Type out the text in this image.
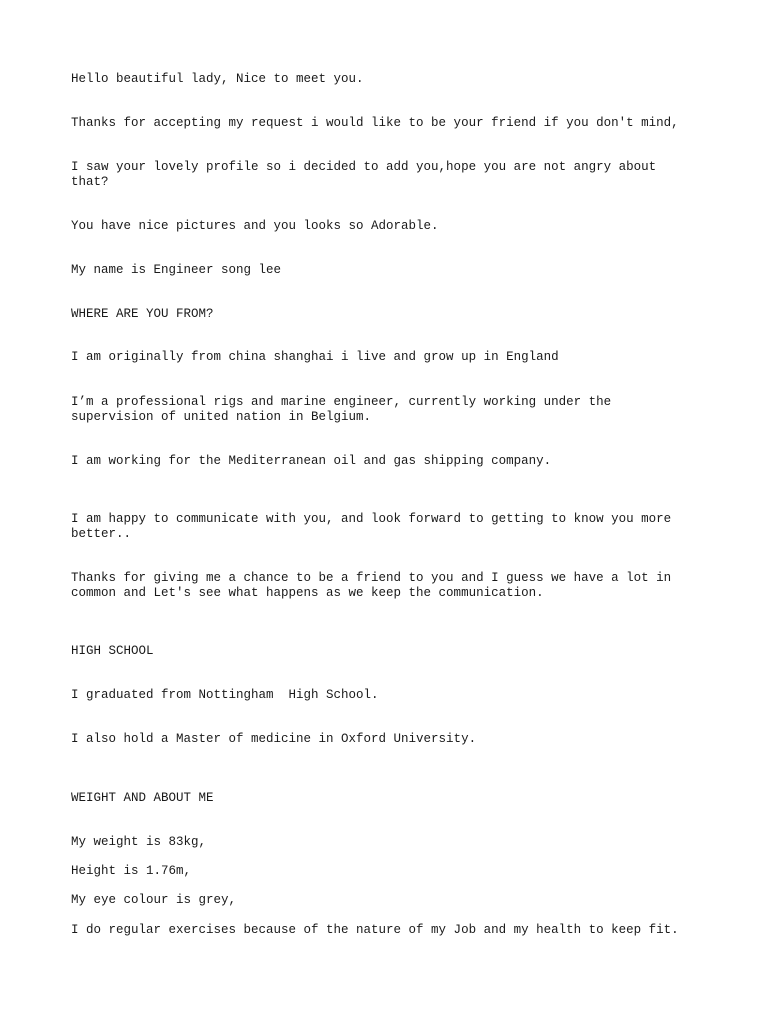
Hello beautiful lady, Nice to meet you.

Thanks for accepting my request i would like to be your friend if you don't mind,

I saw your lovely profile so i decided to add you,hope you are not angry about
that?

You have nice pictures and you looks so Adorable.

My name is Engineer song lee

WHERE ARE YOU FROM?

I am originally from china shanghai i live and grow up in England

I’m a professional rigs and marine engineer, currently working under the
supervision of united nation in Belgium.

I am working for the Mediterranean oil and gas shipping company.

I am happy to communicate with you, and look forward to getting to know you more
better..

Thanks for giving me a chance to be a friend to you and I guess we have a lot in
common and Let's see what happens as we keep the communication.

HIGH SCHOOL

I graduated from Nottingham  High School.

I also hold a Master of medicine in Oxford University.

WEIGHT AND ABOUT ME

My weight is 83kg,

Height is 1.76m,

My eye colour is grey,

I do regular exercises because of the nature of my Job and my health to keep fit.
